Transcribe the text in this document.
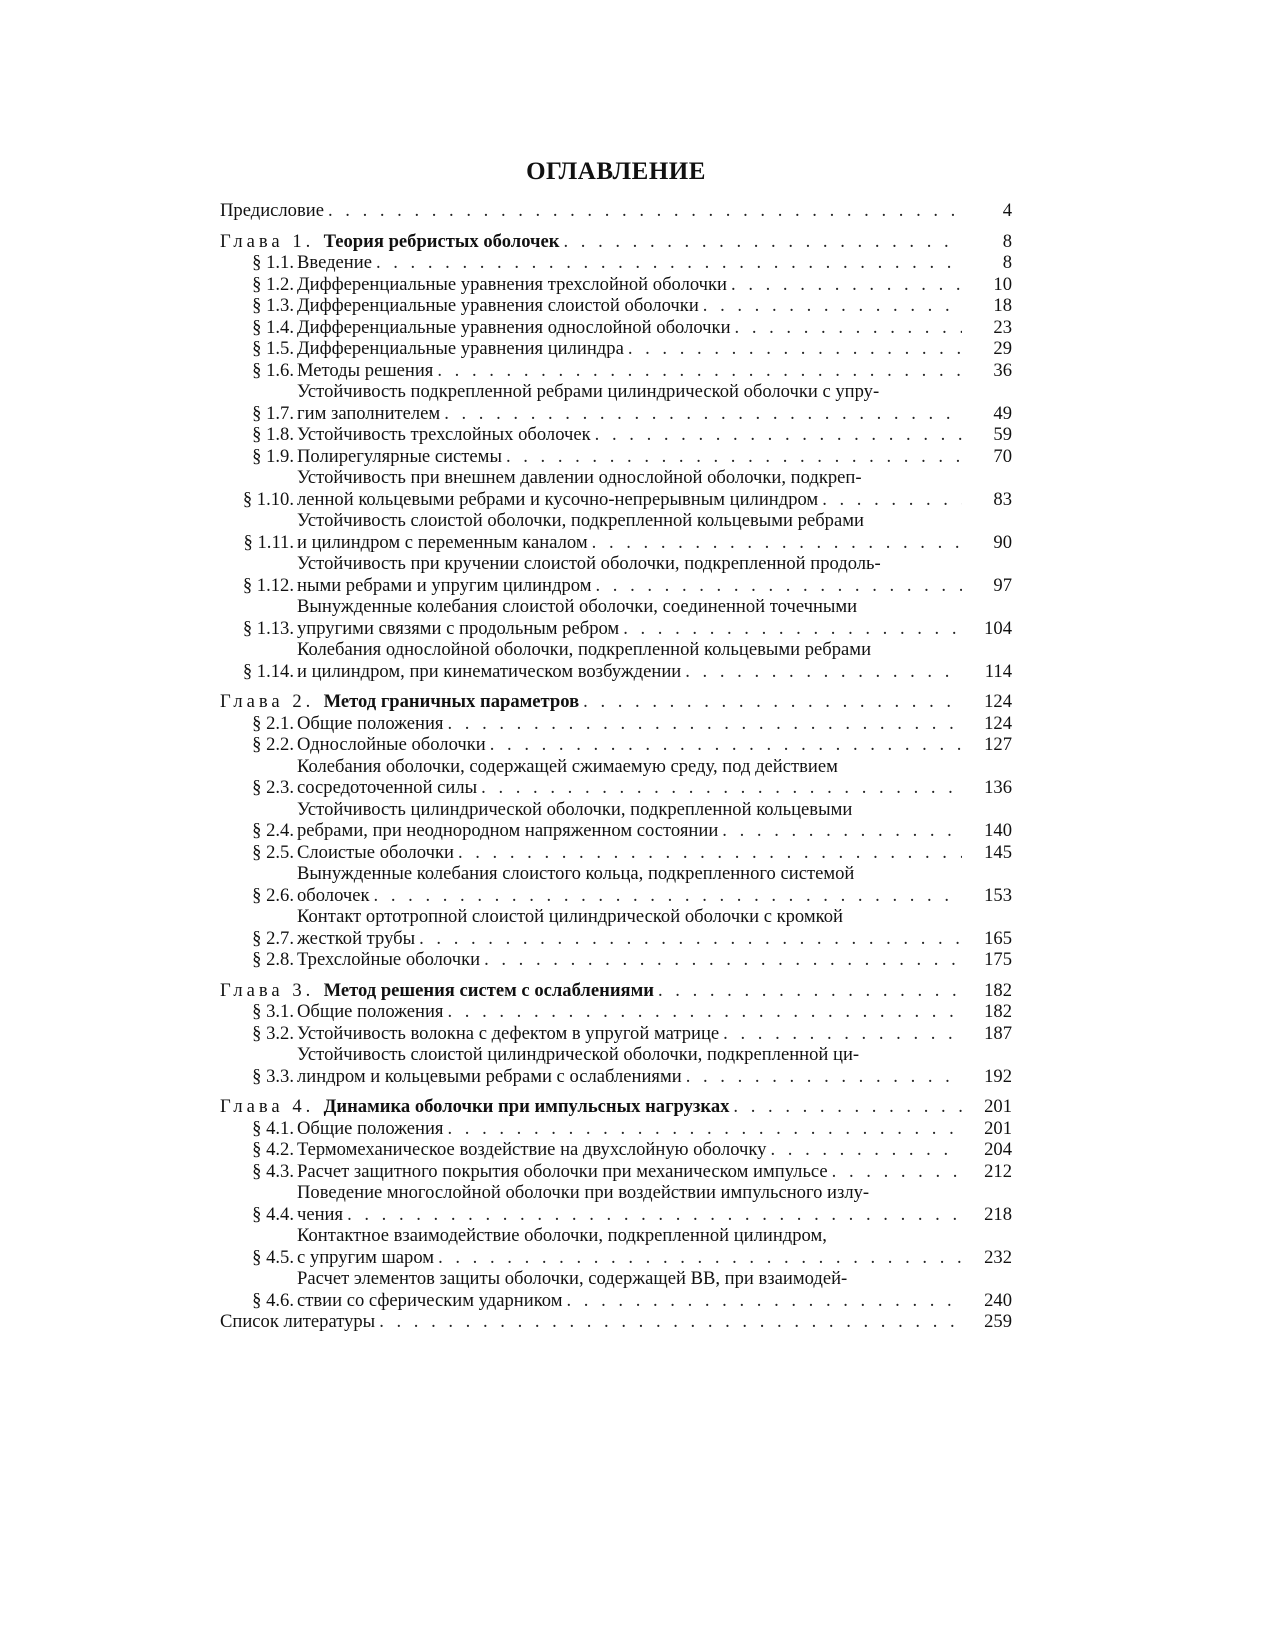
ОГЛАВЛЕНИЕ
Предисловие . . .	4
Глава 1. Теория ребристых оболочек . . .	8
§ 1.1. Введение . . .	8
§ 1.2. Дифференциальные уравнения трехслойной оболочки . . .	10
§ 1.3. Дифференциальные уравнения слоистой оболочки . . .	18
§ 1.4. Дифференциальные уравнения однослойной оболочки . . .	23
§ 1.5. Дифференциальные уравнения цилиндра . . .	29
§ 1.6. Методы решения . . .	36
§ 1.7.
Устойчивость подкрепленной ребрами цилиндрической оболочки с упру-
гим заполнителем . . .	49
§ 1.8. Устойчивость трехслойных оболочек . . .	59
§ 1.9. Полирегулярные системы . . .	70
§ 1.10.
Устойчивость при внешнем давлении однослойной оболочки, подкреп-
ленной кольцевыми ребрами и кусочно-непрерывным цилиндром . . .	83
§ 1.11.
Устойчивость слоистой оболочки, подкрепленной кольцевыми ребрами
и цилиндром с переменным каналом . . .	90
§ 1.12.
Устойчивость при кручении слоистой оболочки, подкрепленной продоль-
ными ребрами и упругим цилиндром . . .	97
§ 1.13.
Вынужденные колебания слоистой оболочки, соединенной точечными
упругими связями с продольным ребром . . .	104
§ 1.14.
Колебания однослойной оболочки, подкрепленной кольцевыми ребрами
и цилиндром, при кинематическом возбуждении . . .	114
Глава 2. Метод граничных параметров . . .	124
§ 2.1. Общие положения . . .	124
§ 2.2. Однослойные оболочки . . .	127
§ 2.3.
Колебания оболочки, содержащей сжимаемую среду, под действием
сосредоточенной силы . . .	136
§ 2.4.
Устойчивость цилиндрической оболочки, подкрепленной кольцевыми
ребрами, при неоднородном напряженном состоянии . . .	140
§ 2.5. Слоистые оболочки . . .	145
§ 2.6.
Вынужденные колебания слоистого кольца, подкрепленного системой
оболочек . . .	153
§ 2.7.
Контакт ортотропной слоистой цилиндрической оболочки с кромкой
жесткой трубы . . .	165
§ 2.8. Трехслойные оболочки . . .	175
Глава 3. Метод решения систем с ослаблениями . . .	182
§ 3.1. Общие положения . . .	182
§ 3.2. Устойчивость волокна с дефектом в упругой матрице . . .	187
§ 3.3.
Устойчивость слоистой цилиндрической оболочки, подкрепленной ци-
линдром и кольцевыми ребрами с ослаблениями . . .	192
Глава 4. Динамика оболочки при импульсных нагрузках . . .	201
§ 4.1. Общие положения . . .	201
§ 4.2. Термомеханическое воздействие на двухслойную оболочку . . .	204
§ 4.3. Расчет защитного покрытия оболочки при механическом импульсе . . .	212
§ 4.4.
Поведение многослойной оболочки при воздействии импульсного излу-
чения . . .	218
§ 4.5.
Контактное взаимодействие оболочки, подкрепленной цилиндром,
с упругим шаром . . .	232
§ 4.6.
Расчет элементов защиты оболочки, содержащей ВВ, при взаимодей-
ствии со сферическим ударником . . .	240
Список литературы . . .	259
